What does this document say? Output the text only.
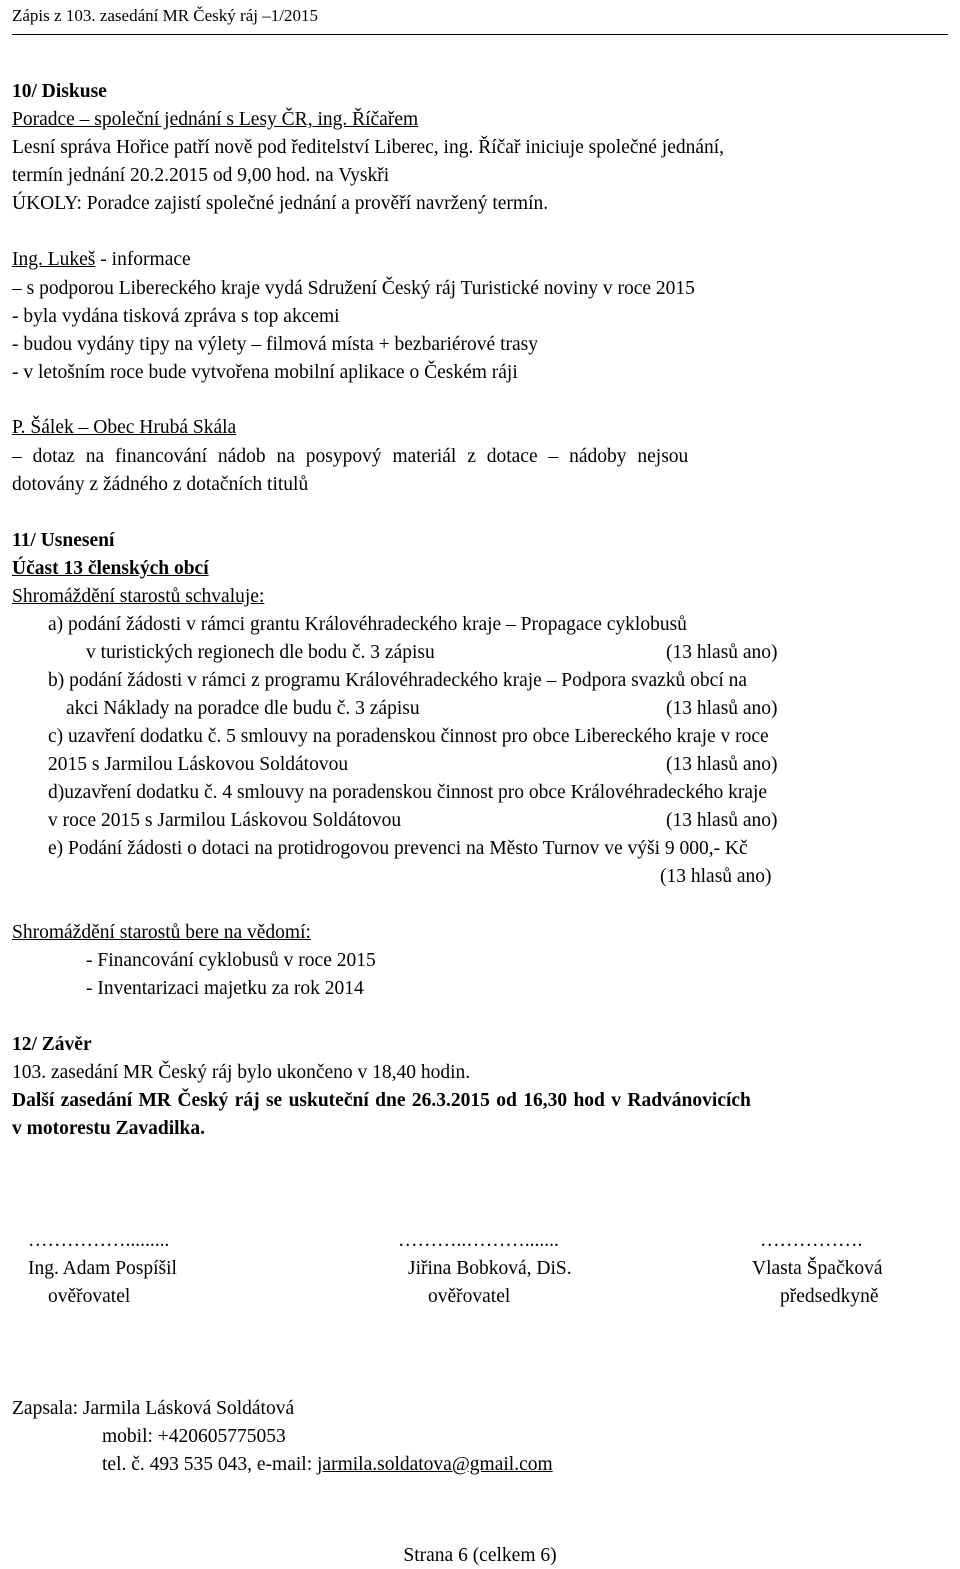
Zápis z 103. zasedání MR Český ráj –1/2015
10/ Diskuse
Poradce – společní jednání s Lesy ČR, ing. Říčařem
Lesní správa Hořice patří nově pod ředitelství Liberec, ing. Říčař iniciuje společné jednání,
termín jednání 20.2.2015 od 9,00 hod. na Vyskři
ÚKOLY: Poradce zajistí společné jednání a prověří navržený termín.
Ing. Lukeš - informace
– s podporou Libereckého kraje vydá Sdružení Český ráj Turistické noviny v roce 2015
- byla vydána tisková zpráva s top akcemi
- budou vydány tipy na výlety – filmová místa + bezbariérové trasy
- v letošním roce bude vytvořena mobilní aplikace o Českém ráji
P. Šálek – Obec Hrubá Skála
– dotaz na financování nádob na posypový materiál z dotace – nádoby nejsou
dotovány z žádného z dotačních titulů
11/ Usnesení
Účast 13 členských obcí
Shromáždění starostů schvaluje:
a) podání žádosti v rámci grantu Královéhradeckého kraje – Propagace cyklobusů
v turistických regionech dle bodu č. 3 zápisu	(13 hlasů ano)
b) podání žádosti v rámci z programu Královéhradeckého kraje – Podpora svazků obcí na
akci Náklady na poradce dle budu č. 3 zápisu	(13 hlasů ano)
c) uzavření dodatku č. 5 smlouvy na poradenskou činnost pro obce Libereckého kraje v roce
2015 s Jarmilou Láskovou Soldátovou	(13 hlasů ano)
d)uzavření dodatku č. 4 smlouvy na poradenskou činnost pro obce Královéhradeckého kraje
v roce 2015 s Jarmilou Láskovou Soldátovou	(13 hlasů ano)
e) Podání žádosti o dotaci na protidrogovou prevenci na Město Turnov ve výši 9 000,- Kč
(13 hlasů ano)
Shromáždění starostů bere na vědomí:
- Financování cyklobusů v roce 2015
- Inventarizaci majetku za rok 2014
12/ Závěr
103. zasedání MR Český ráj bylo ukončeno v 18,40 hodin.
Další zasedání MR Český ráj se uskuteční dne 26.3.2015 od 16,30 hod v Radvánovicích
v motorestu Zavadilka.
…………….........
Ing. Adam Pospíšil
ověřovatel
………..……….......
Jiřina Bobková, DiS.
ověřovatel
…………….
Vlasta Špačková
předsedkyně
Zapsala: Jarmila Lásková Soldátová
mobil: +420605775053
tel. č. 493 535 043, e-mail: jarmila.soldatova@gmail.com
Strana 6 (celkem 6)
